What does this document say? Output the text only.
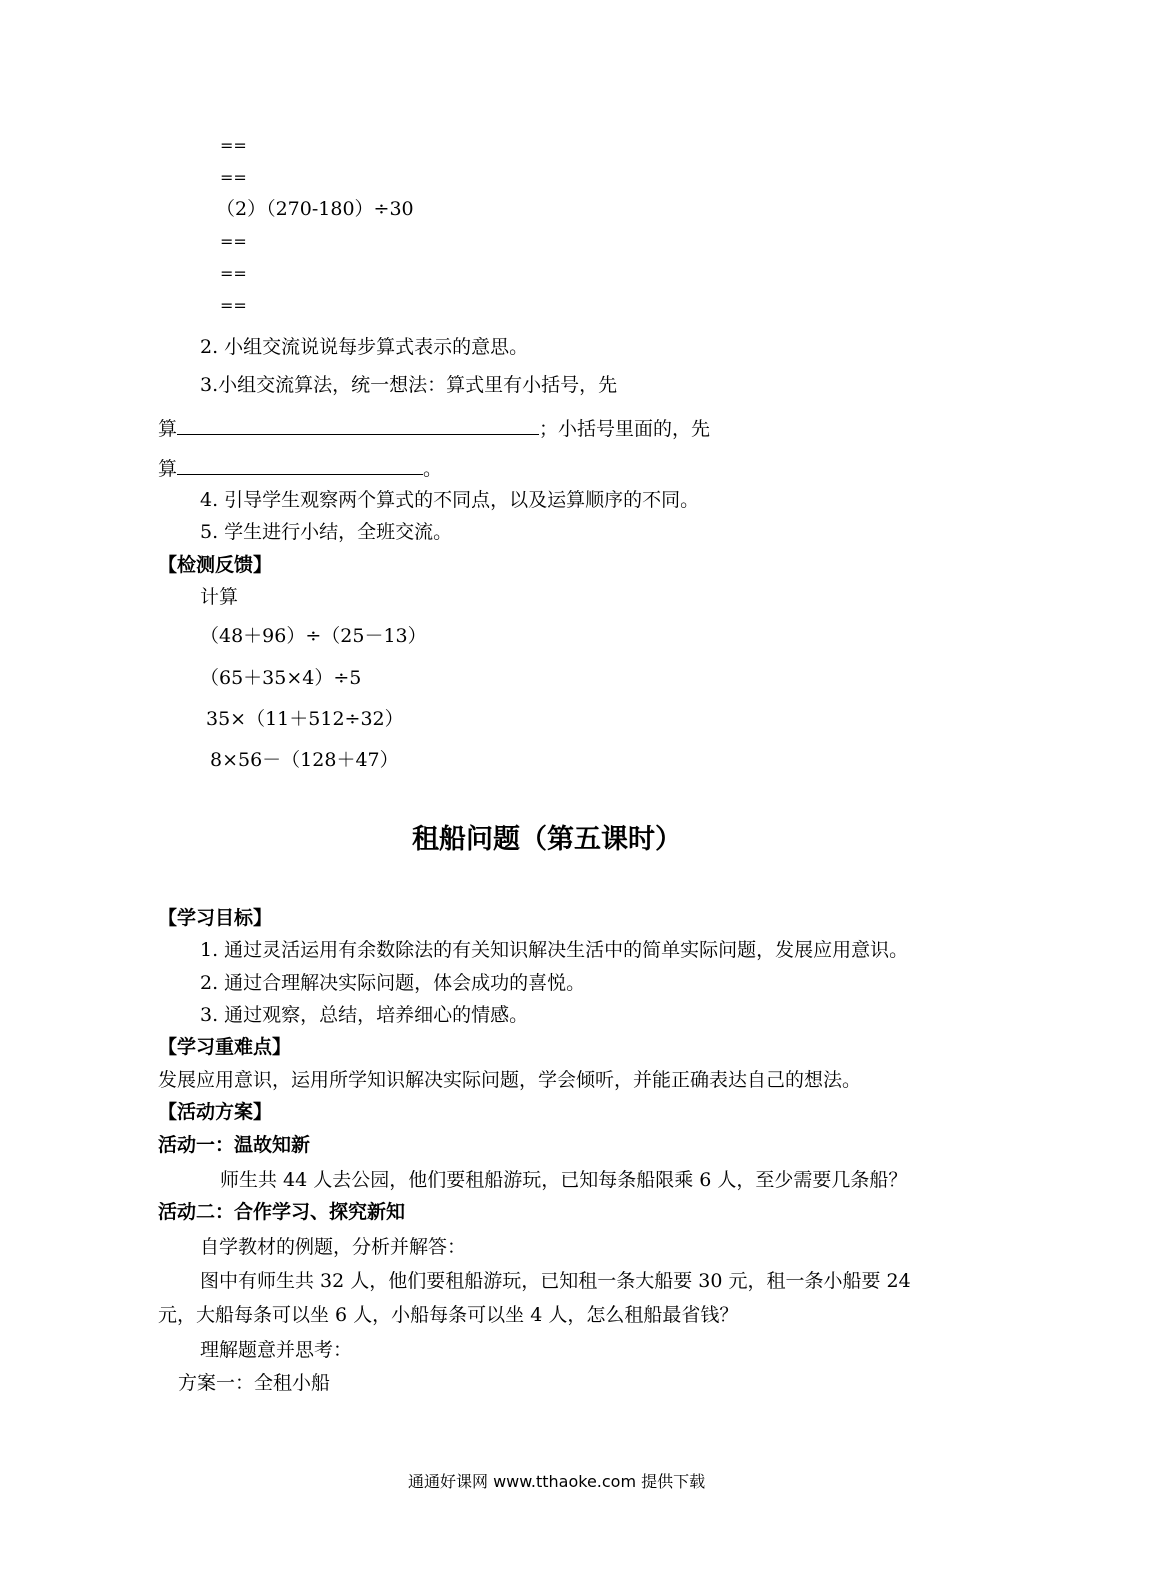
==
==
（2）（270-180）÷30
==
==
==
2. 小组交流说说每步算式表示的意思。
3.小组交流算法，统一想法：算式里有小括号，先
算	；小括号里面的，先
算	。
4. 引导学生观察两个算式的不同点，以及运算顺序的不同。
5. 学生进行小结，全班交流。
【检测反馈】
计算
（48＋96）÷（25－13）
（65＋35×4）÷5
35×（11＋512÷32）
8×56－（128＋47）
租船问题（第五课时）
【学习目标】
1. 通过灵活运用有余数除法的有关知识解决生活中的简单实际问题，发展应用意识。
2. 通过合理解决实际问题，体会成功的喜悦。
3. 通过观察，总结，培养细心的情感。
【学习重难点】
发展应用意识，运用所学知识解决实际问题，学会倾听，并能正确表达自己的想法。
【活动方案】
活动一：温故知新
师生共 44 人去公园，他们要租船游玩，已知每条船限乘 6 人，至少需要几条船？
活动二：合作学习、探究新知
自学教材的例题，分析并解答：
图中有师生共 32 人，他们要租船游玩，已知租一条大船要 30 元，租一条小船要 24
元，大船每条可以坐 6 人，小船每条可以坐 4 人，怎么租船最省钱？
理解题意并思考：
方案一：全租小船
通通好课网 www.tthaoke.com 提供下载
